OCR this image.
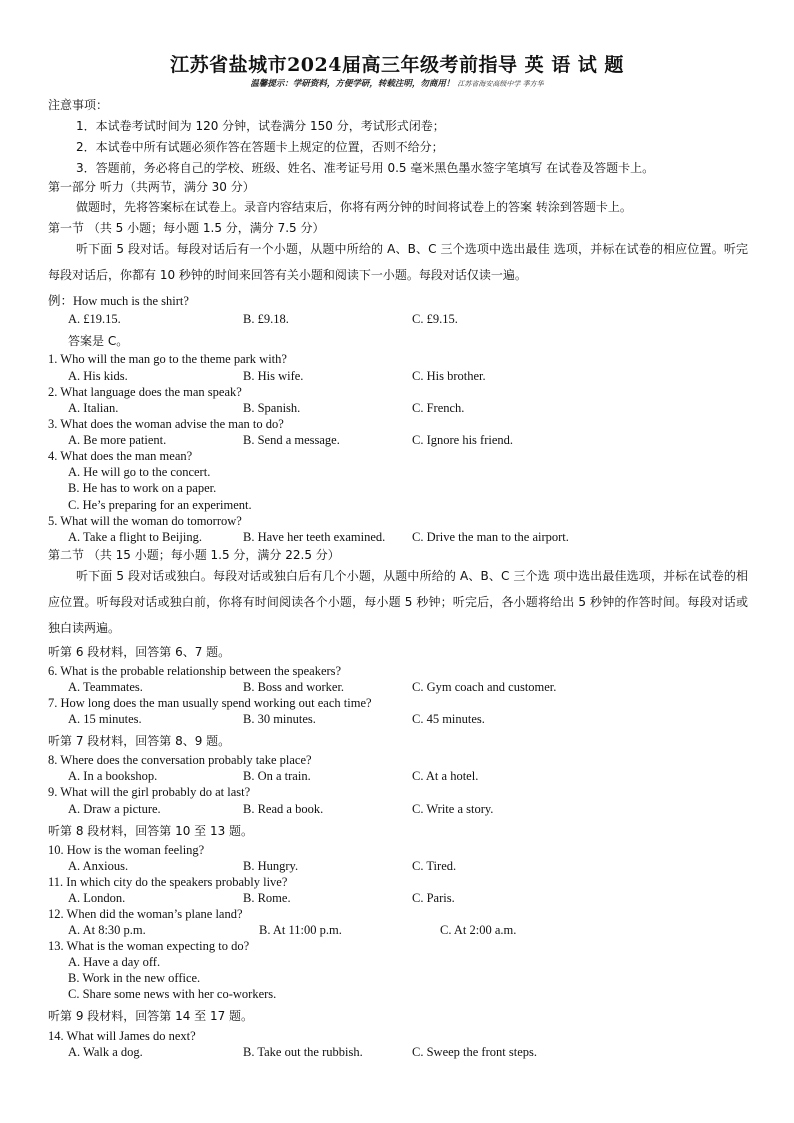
江苏省盐城市2024届高三年级考前指导 英 语 试 题
温馨提示：学研资料，方便学研，转载注明，勿商用！ 江苏省海安高级中学 季方华
注意事项：
1．本试卷考试时间为 120 分钟，试卷满分 150 分，考试形式闭卷；
2．本试卷中所有试题必须作答在答题卡上规定的位置，否则不给分；
3．答题前，务必将自己的学校、班级、姓名、准考证号用 0.5 毫米黑色墨水签字笔填写 在试卷及答题卡上。
第一部分 听力（共两节，满分 30 分）
做题时，先将答案标在试卷上。录音内容结束后，你将有两分钟的时间将试卷上的答案 转涂到答题卡上。
第一节 （共 5 小题；每小题 1.5 分，满分 7.5 分）
听下面 5 段对话。每段对话后有一个小题，从题中所给的 A、B、C 三个选项中选出最佳 选项，并标在试卷的相应位置。听完每段对话后，你都有 10 秒钟的时间来回答有关小题和阅读下一小题。每段对话仅读一遍。
例：How much is the shirt?
A. £19.15.	B. £9.18.	C. £9.15.
答案是 C。
1. Who will the man go to the theme park with?
A. His kids.	B. His wife.	C. His brother.
2. What language does the man speak?
A. Italian.	B. Spanish.	C. French.
3. What does the woman advise the man to do?
A. Be more patient.	B. Send a message.	C. Ignore his friend.
4. What does the man mean?
A. He will go to the concert.
B. He has to work on a paper.
C. He’s preparing for an experiment.
5. What will the woman do tomorrow?
A. Take a flight to Beijing.	B. Have her teeth examined. C. Drive the man to the airport.
第二节 （共 15 小题；每小题 1.5 分，满分 22.5 分）
听下面 5 段对话或独白。每段对话或独白后有几个小题，从题中所给的 A、B、C 三个选 项中选出最佳选项，并标在试卷的相应位置。听每段对话或独白前，你将有时间阅读各个小题，每小题 5 秒钟；听完后，各小题将给出 5 秒钟的作答时间。每段对话或独白读两遍。
听第 6 段材料，回答第 6、7 题。
6. What is the probable relationship between the speakers?
A. Teammates.	B. Boss and worker.	C. Gym coach and customer.
7. How long does the man usually spend working out each time?
A. 15 minutes.	B. 30 minutes.	C. 45 minutes.
听第 7 段材料，回答第 8、9 题。
8. Where does the conversation probably take place?
A. In a bookshop.	B. On a train.	C. At a hotel.
9. What will the girl probably do at last?
A. Draw a picture.	B. Read a book.	C. Write a story.
听第 8 段材料，回答第 10 至 13 题。
10. How is the woman feeling?
A. Anxious.	B. Hungry.	C. Tired.
11. In which city do the speakers probably live?
A. London.	B. Rome.	C. Paris.
12. When did the woman’s plane land?
A. At 8:30 p.m.	B. At 11:00 p.m.	C. At 2:00 a.m.
13. What is the woman expecting to do?
A. Have a day off.
B. Work in the new office.
C. Share some news with her co-workers.
听第 9 段材料，回答第 14 至 17 题。
14. What will James do next?
A. Walk a dog.	B. Take out the rubbish.	C. Sweep the front steps.
